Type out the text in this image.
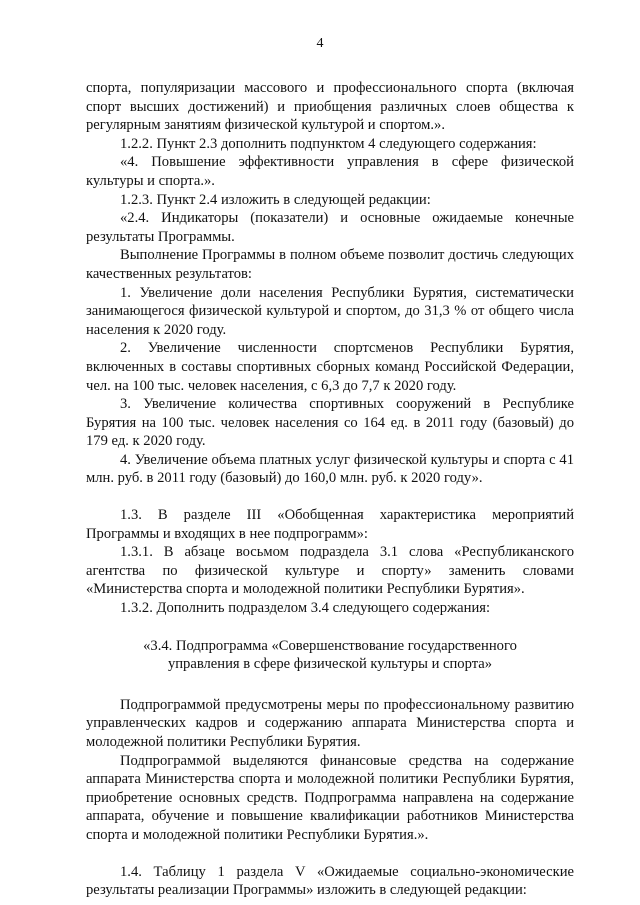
4

спорта, популяризации массового и профессионального спорта (включая спорт высших достижений) и приобщения различных слоев общества к регулярным занятиям физической культурой и спортом.».

1.2.2. Пункт 2.3 дополнить подпунктом 4 следующего содержания:

«4. Повышение эффективности управления в сфере физической культуры и спорта.».

1.2.3. Пункт 2.4 изложить в следующей редакции:

«2.4. Индикаторы (показатели) и основные ожидаемые конечные результаты Программы.

Выполнение Программы в полном объеме позволит достичь следующих качественных результатов:

1. Увеличение доли населения Республики Бурятия, систематически занимающегося физической культурой и спортом, до 31,3 % от общего числа населения к 2020 году.

2. Увеличение численности спортсменов Республики Бурятия, включенных в составы спортивных сборных команд Российской Федерации, чел. на 100 тыс. человек населения, с 6,3 до 7,7 к 2020 году.

3. Увеличение количества спортивных сооружений в Республике Бурятия на 100 тыс. человек населения со 164 ед. в 2011 году (базовый) до 179 ед. к 2020 году.

4. Увеличение объема платных услуг физической культуры и спорта с 41 млн. руб. в 2011 году (базовый) до 160,0 млн. руб. к 2020 году».

1.3. В разделе III «Обобщенная характеристика мероприятий Программы и входящих в нее подпрограмм»:

1.3.1. В абзаце восьмом подраздела 3.1 слова «Республиканского агентства по физической культуре и спорту» заменить словами «Министерства спорта и молодежной политики Республики Бурятия».

1.3.2. Дополнить подразделом 3.4 следующего содержания:

«3.4. Подпрограмма «Совершенствование государственного
управления в сфере физической культуры и спорта»

Подпрограммой предусмотрены меры по профессиональному развитию управленческих кадров и содержанию аппарата Министерства спорта и молодежной политики Республики Бурятия.

Подпрограммой выделяются финансовые средства на содержание аппарата Министерства спорта и молодежной политики Республики Бурятия, приобретение основных средств. Подпрограмма направлена на содержание аппарата, обучение и повышение квалификации работников Министерства спорта и молодежной политики Республики Бурятия.».

1.4. Таблицу 1 раздела V «Ожидаемые социально-экономические результаты реализации Программы» изложить в следующей редакции:
